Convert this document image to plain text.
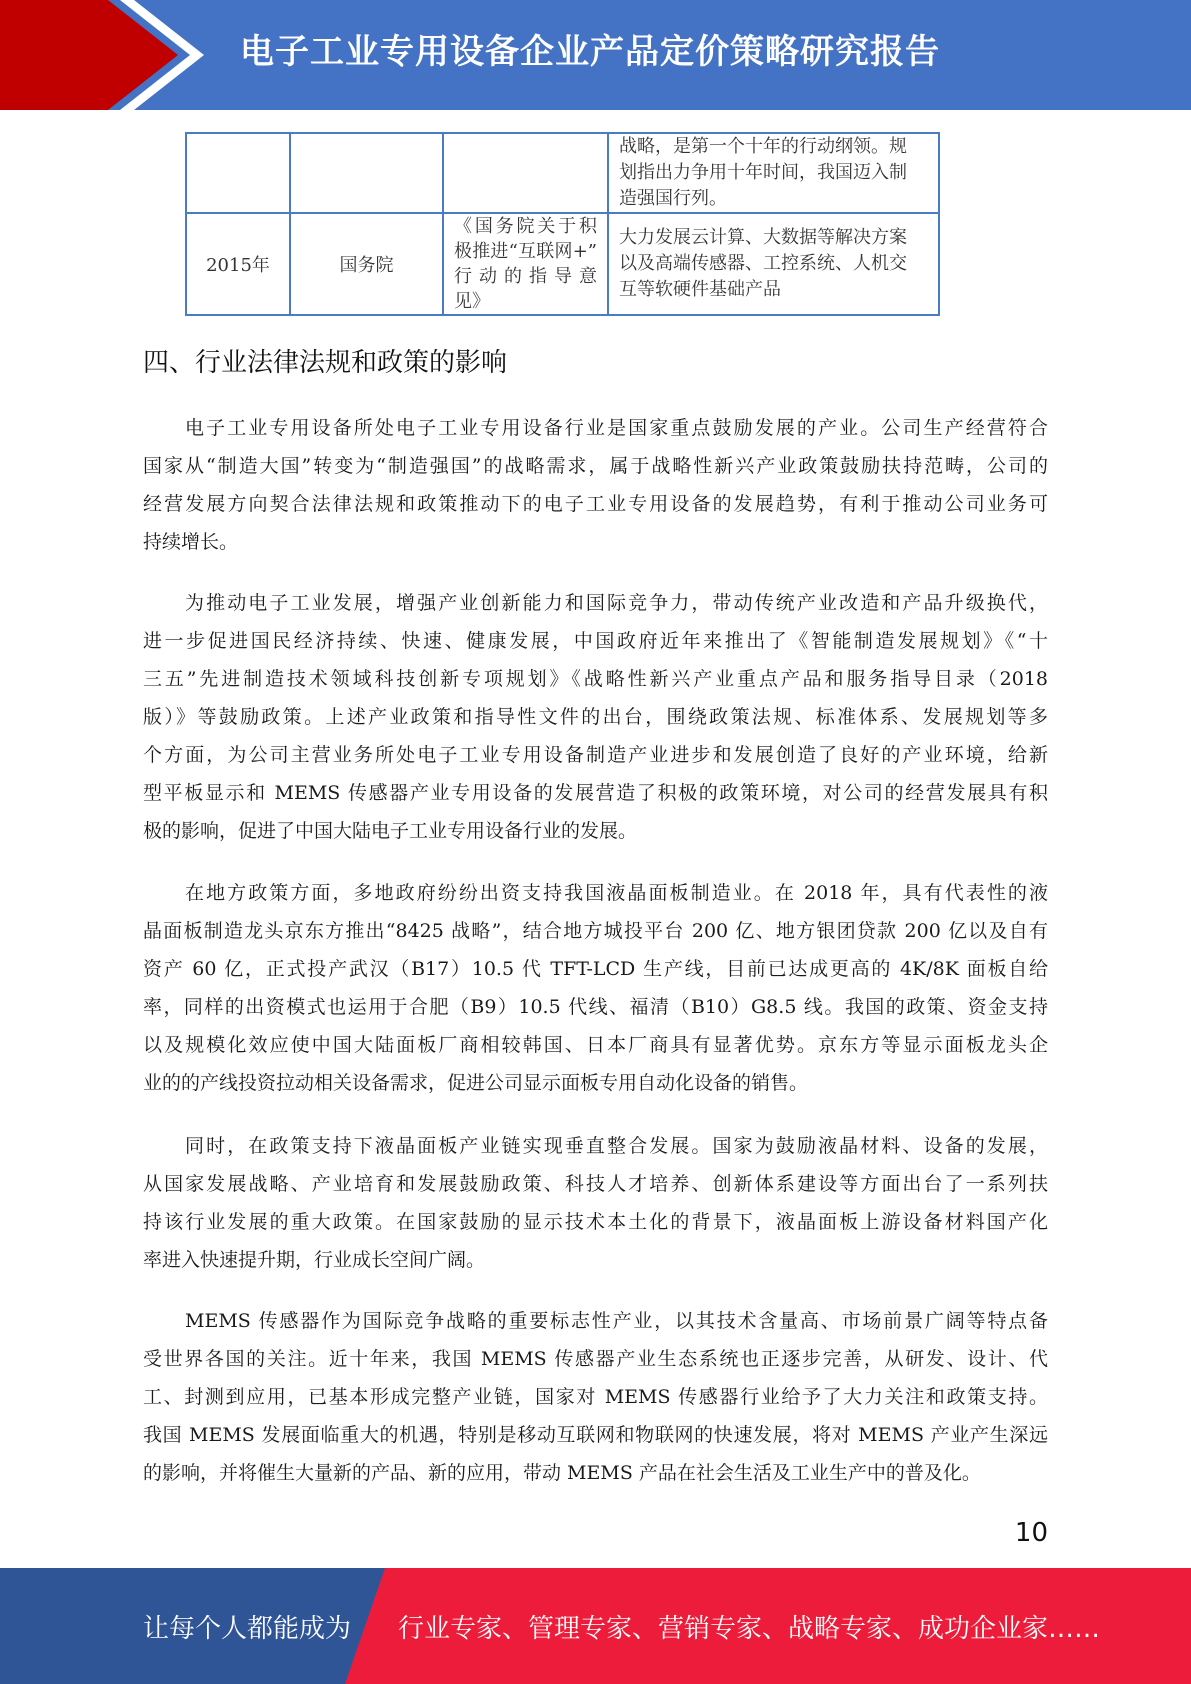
电子工业专用设备企业产品定价策略研究报告

			战略，是第一个十年的行动纲领。规
划指出力争用十年时间，我国迈入制
造强国行列。

2015年	国务院	《国务院关于积
极推进“互联网+”
行动的指导意
见》	大力发展云计算、大数据等解决方案
以及高端传感器、工控系统、人机交
互等软硬件基础产品
四、行业法律法规和政策的影响
电子工业专用设备所处电子工业专用设备行业是国家重点鼓励发展的产业。公司生产经营符合
国家从“制造大国”转变为“制造强国”的战略需求，属于战略性新兴产业政策鼓励扶持范畴，公司的
经营发展方向契合法律法规和政策推动下的电子工业专用设备的发展趋势，有利于推动公司业务可
持续增长。
为推动电子工业发展，增强产业创新能力和国际竞争力，带动传统产业改造和产品升级换代，
进一步促进国民经济持续、快速、健康发展，中国政府近年来推出了《智能制造发展规划》《“十
三五”先进制造技术领域科技创新专项规划》《战略性新兴产业重点产品和服务指导目录（2018
版）》等鼓励政策。上述产业政策和指导性文件的出台，围绕政策法规、标准体系、发展规划等多
个方面，为公司主营业务所处电子工业专用设备制造产业进步和发展创造了良好的产业环境，给新
型平板显示和 MEMS 传感器产业专用设备的发展营造了积极的政策环境，对公司的经营发展具有积
极的影响，促进了中国大陆电子工业专用设备行业的发展。
在地方政策方面，多地政府纷纷出资支持我国液晶面板制造业。在 2018 年，具有代表性的液
晶面板制造龙头京东方推出“8425 战略”，结合地方城投平台 200 亿、地方银团贷款 200 亿以及自有
资产 60 亿，正式投产武汉（B17）10.5 代 TFT-LCD 生产线，目前已达成更高的 4K/8K 面板自给
率，同样的出资模式也运用于合肥（B9）10.5 代线、福清（B10）G8.5 线。我国的政策、资金支持
以及规模化效应使中国大陆面板厂商相较韩国、日本厂商具有显著优势。京东方等显示面板龙头企
业的的产线投资拉动相关设备需求，促进公司显示面板专用自动化设备的销售。
同时，在政策支持下液晶面板产业链实现垂直整合发展。国家为鼓励液晶材料、设备的发展，
从国家发展战略、产业培育和发展鼓励政策、科技人才培养、创新体系建设等方面出台了一系列扶
持该行业发展的重大政策。在国家鼓励的显示技术本土化的背景下，液晶面板上游设备材料国产化
率进入快速提升期，行业成长空间广阔。
MEMS 传感器作为国际竞争战略的重要标志性产业，以其技术含量高、市场前景广阔等特点备
受世界各国的关注。近十年来，我国 MEMS 传感器产业生态系统也正逐步完善，从研发、设计、代
工、封测到应用，已基本形成完整产业链，国家对 MEMS 传感器行业给予了大力关注和政策支持。
我国 MEMS 发展面临重大的机遇，特别是移动互联网和物联网的快速发展，将对 MEMS 产业产生深远
的影响，并将催生大量新的产品、新的应用，带动 MEMS 产品在社会生活及工业生产中的普及化。
10
让每个人都能成为 行业专家、管理专家、营销专家、战略专家、成功企业家……
